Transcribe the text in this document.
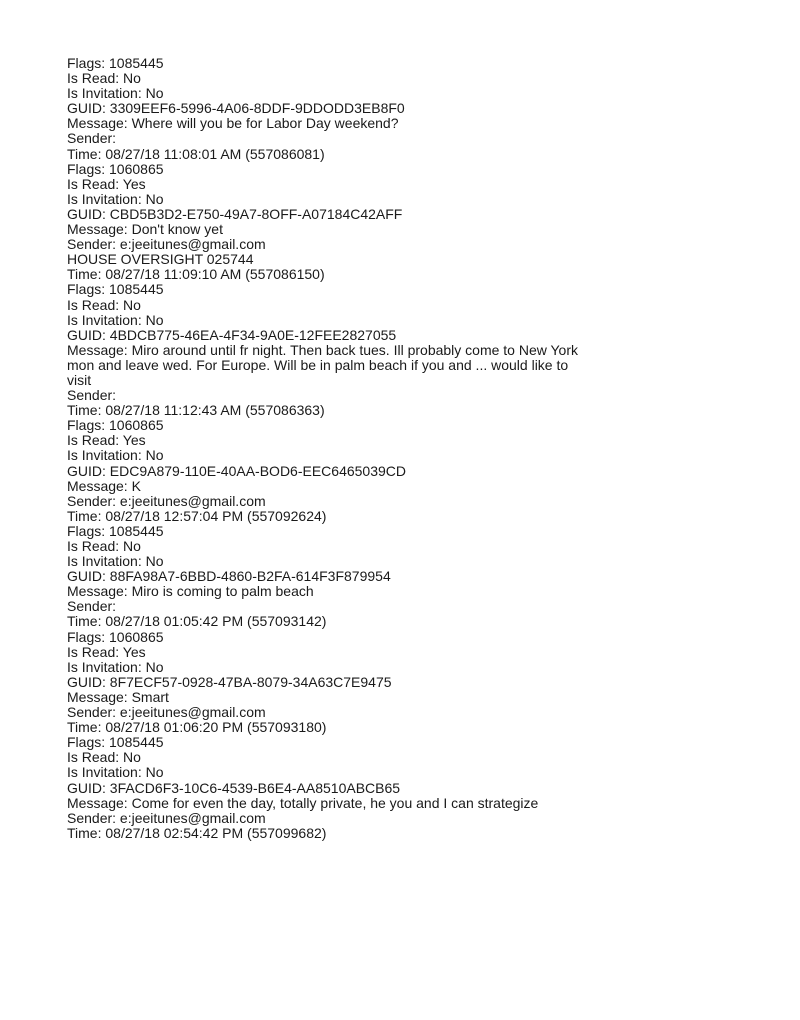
Flags: 1085445
Is Read: No
Is Invitation: No
GUID: 3309EEF6-5996-4A06-8DDF-9DDODD3EB8F0
Message: Where will you be for Labor Day weekend?
Sender:
Time: 08/27/18 11:08:01 AM (557086081)
Flags: 1060865
Is Read: Yes
Is Invitation: No
GUID: CBD5B3D2-E750-49A7-8OFF-A07184C42AFF
Message: Don't know yet
Sender: e:jeeitunes@gmail.com
HOUSE OVERSIGHT 025744
Time: 08/27/18 11:09:10 AM (557086150)
Flags: 1085445
Is Read: No
Is Invitation: No
GUID: 4BDCB775-46EA-4F34-9A0E-12FEE2827055
Message: Miro around until fr night. Then back tues. Ill probably come to New York
mon and leave wed. For Europe. Will be in palm beach if you and ... would like to
visit
Sender:
Time: 08/27/18 11:12:43 AM (557086363)
Flags: 1060865
Is Read: Yes
Is Invitation: No
GUID: EDC9A879-110E-40AA-BOD6-EEC6465039CD
Message: K
Sender: e:jeeitunes@gmail.com
Time: 08/27/18 12:57:04 PM (557092624)
Flags: 1085445
Is Read: No
Is Invitation: No
GUID: 88FA98A7-6BBD-4860-B2FA-614F3F879954
Message: Miro is coming to palm beach
Sender:
Time: 08/27/18 01:05:42 PM (557093142)
Flags: 1060865
Is Read: Yes
Is Invitation: No
GUID: 8F7ECF57-0928-47BA-8079-34A63C7E9475
Message: Smart
Sender: e:jeeitunes@gmail.com
Time: 08/27/18 01:06:20 PM (557093180)
Flags: 1085445
Is Read: No
Is Invitation: No
GUID: 3FACD6F3-10C6-4539-B6E4-AA8510ABCB65
Message: Come for even the day, totally private, he you and I can strategize
Sender: e:jeeitunes@gmail.com
Time: 08/27/18 02:54:42 PM (557099682)
